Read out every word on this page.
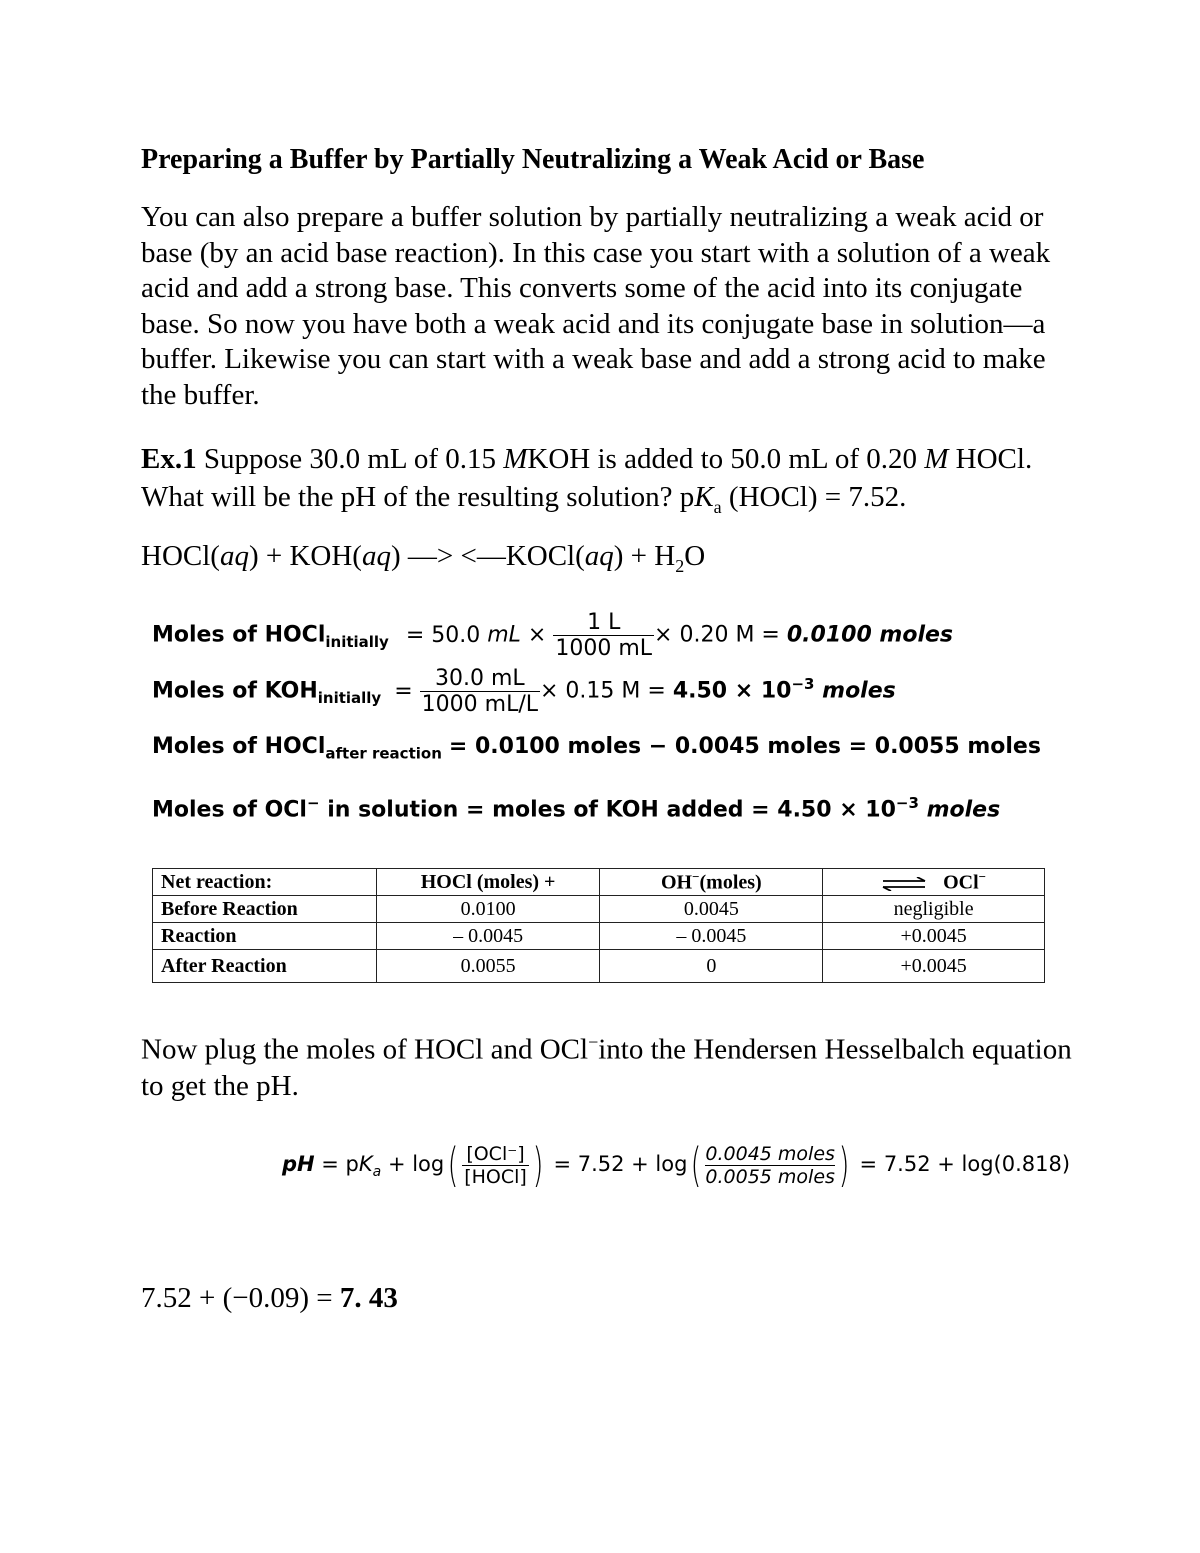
Preparing a Buffer by Partially Neutralizing a Weak Acid or Base
You can also prepare a buffer solution by partially neutralizing a weak acid or base (by an acid base reaction). In this case you start with a solution of a weak acid and add a strong base. This converts some of the acid into its conjugate base. So now you have both a weak acid and its conjugate base in solution—a buffer. Likewise you can start with a weak base and add a strong acid to make the buffer.
Ex.1 Suppose 30.0 mL of 0.15 MKOH is added to 50.0 mL of 0.20 M HOCl. What will be the pH of the resulting solution? $pK_a$ (HOCl) = 7.52.
HOCl(aq) + KOH(aq) —> <—KOCl(aq) + $H_2O$
Moles of HOCl$_{initially}$ = 50.0 mL × $\frac{1 L}{1000 mL} \times 0.20$ M = 0.0100 moles
Moles of $KOH_{initially} = \frac{30.0 mL}{1000 mL/L} \times 0.15$ $M = 4.50 \times 10^{-3}$ moles
Moles of HOCl$_{after reaction}$ = 0.0100 moles − 0.0045 moles = 0.0055 moles
Moles of OCl− in solution = moles of KOH added = $4.50 \times 10^{-3}$ moles
Net reaction:	HOCl (moles) +	OH−(moles)	⇌ OCl−
Before Reaction	0.0100	0.0045	negligible
Reaction	– 0.0045	– 0.0045	+0.0045
After Reaction	0.0055	0	+0.0045
Now plug the moles of HOCl and OCl−into the Hendersen Hesselbalch equation to get the pH.
pH = $pK_a + \log( \frac{\text{[OCl⁻]}}{\text{[HOCl]}}$ ) = $7.52 + \log( \frac{\text{0.0045 moles}}{\text{0.0055 moles}}$ ) = 7.52 + log(0.818)
7.52 + (−0.09) = 7. 43
